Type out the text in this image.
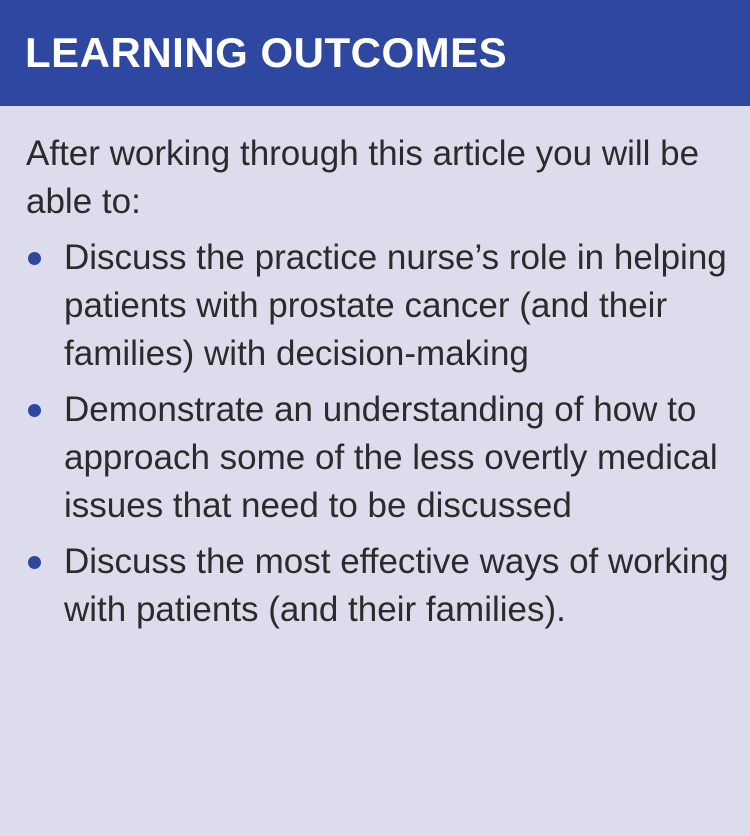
LEARNING OUTCOMES

After working through this article you will be able to:

Discuss the practice nurse’s role in helping patients with prostate cancer (and their families) with decision-making
Demonstrate an understanding of how to approach some of the less overtly medical issues that need to be discussed
Discuss the most effective ways of working with patients (and their families).
